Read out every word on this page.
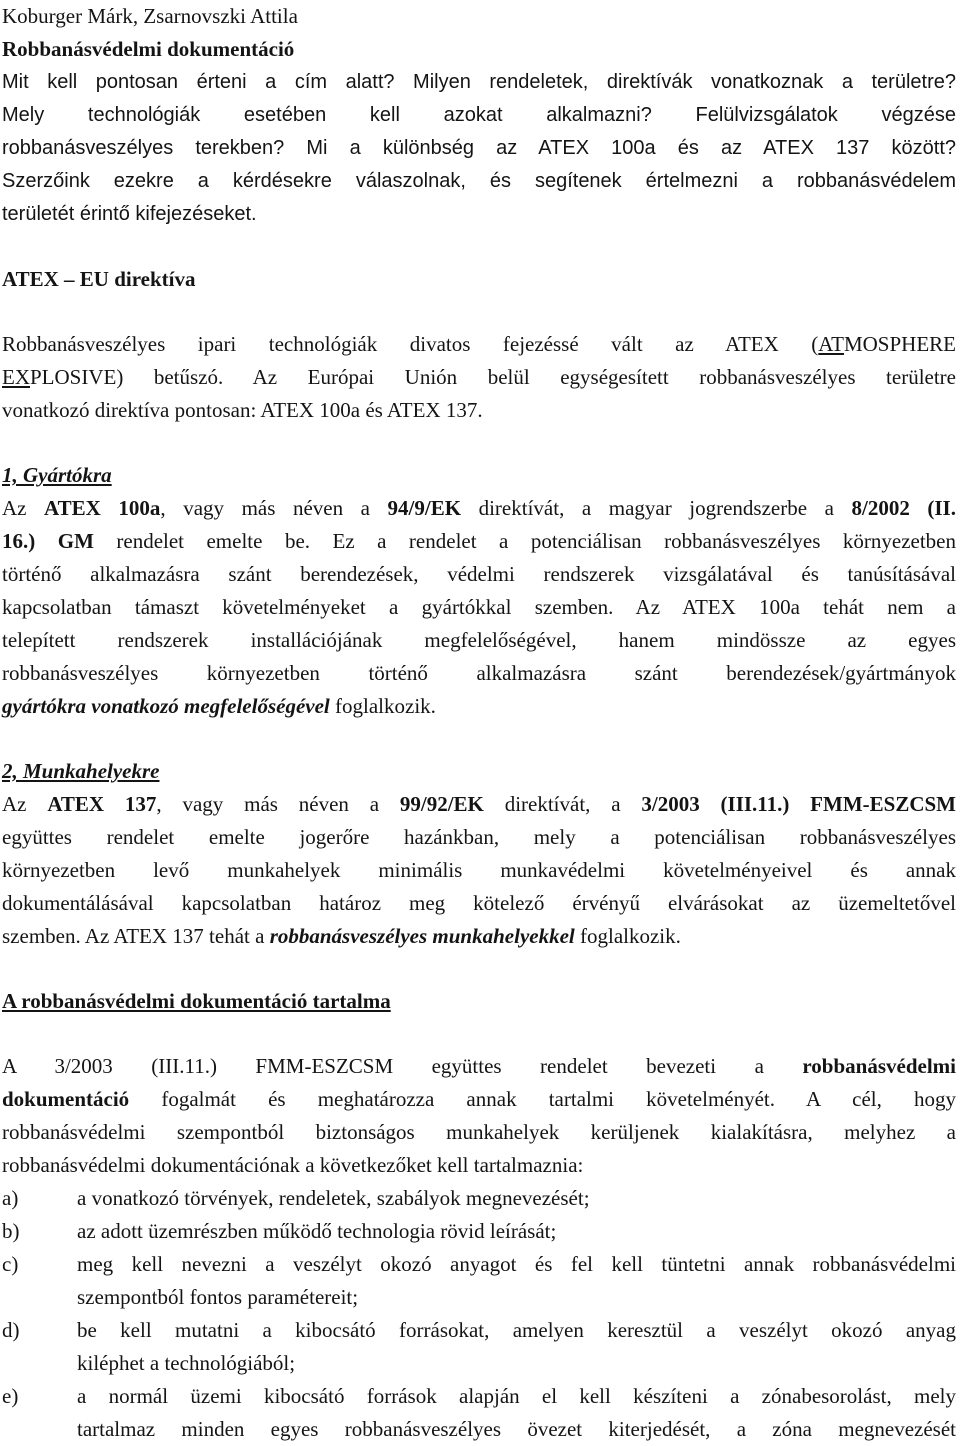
Koburger Márk, Zsarnovszki Attila
Robbanásvédelmi dokumentáció
Mit kell pontosan érteni a cím alatt? Milyen rendeletek, direktívák vonatkoznak a területre?
Mely technológiák esetében kell azokat alkalmazni? Felülvizsgálatok végzése
robbanásveszélyes terekben? Mi a különbség az ATEX 100a és az ATEX 137 között?
Szerzőink ezekre a kérdésekre válaszolnak, és segítenek értelmezni a robbanásvédelem
területét érintő kifejezéseket.
ATEX – EU direktíva
Robbanásveszélyes ipari technológiák divatos fejezéssé vált az ATEX (ATMOSPHERE
EXPLOSIVE) betűszó. Az Európai Unión belül egységesített robbanásveszélyes területre
vonatkozó direktíva pontosan: ATEX 100a és ATEX 137.
1, Gyártókra
Az ATEX 100a, vagy más néven a 94/9/EK direktívát, a magyar jogrendszerbe a 8/2002 (II.
16.) GM rendelet emelte be. Ez a rendelet a potenciálisan robbanásveszélyes környezetben
történő alkalmazásra szánt berendezések, védelmi rendszerek vizsgálatával és tanúsításával
kapcsolatban támaszt követelményeket a gyártókkal szemben. Az ATEX 100a tehát nem a
telepített rendszerek installációjának megfelelőségével, hanem mindössze az egyes
robbanásveszélyes környezetben történő alkalmazásra szánt berendezések/gyártmányok
gyártókra vonatkozó megfelelőségével foglalkozik.
2, Munkahelyekre
Az ATEX 137, vagy más néven a 99/92/EK direktívát, a 3/2003 (III.11.) FMM-ESZCSM
együttes rendelet emelte jogerőre hazánkban, mely a potenciálisan robbanásveszélyes
környezetben levő munkahelyek minimális munkavédelmi követelményeivel és annak
dokumentálásával kapcsolatban határoz meg kötelező érvényű elvárásokat az üzemeltetővel
szemben. Az ATEX 137 tehát a robbanásveszélyes munkahelyekkel foglalkozik.
A robbanásvédelmi dokumentáció tartalma
A 3/2003 (III.11.) FMM-ESZCSM együttes rendelet bevezeti a robbanásvédelmi
dokumentáció fogalmát és meghatározza annak tartalmi követelményét. A cél, hogy
robbanásvédelmi szempontból biztonságos munkahelyek kerüljenek kialakításra, melyhez a
robbanásvédelmi dokumentációnak a következőket kell tartalmaznia:
a)	a vonatkozó törvények, rendeletek, szabályok megnevezését;
b)	az adott üzemrészben működő technologia rövid leírását;
c)	meg kell nevezni a veszélyt okozó anyagot és fel kell tüntetni annak robbanásvédelmi
szempontból fontos paramétereit;
d)	be kell mutatni a kibocsátó forrásokat, amelyen keresztül a veszélyt okozó anyag
kiléphet a technológiából;
e)	a normál üzemi kibocsátó források alapján el kell készíteni a zónabesorolást, mely
tartalmaz minden egyes robbanásveszélyes övezet kiterjedését, a zóna megnevezését
